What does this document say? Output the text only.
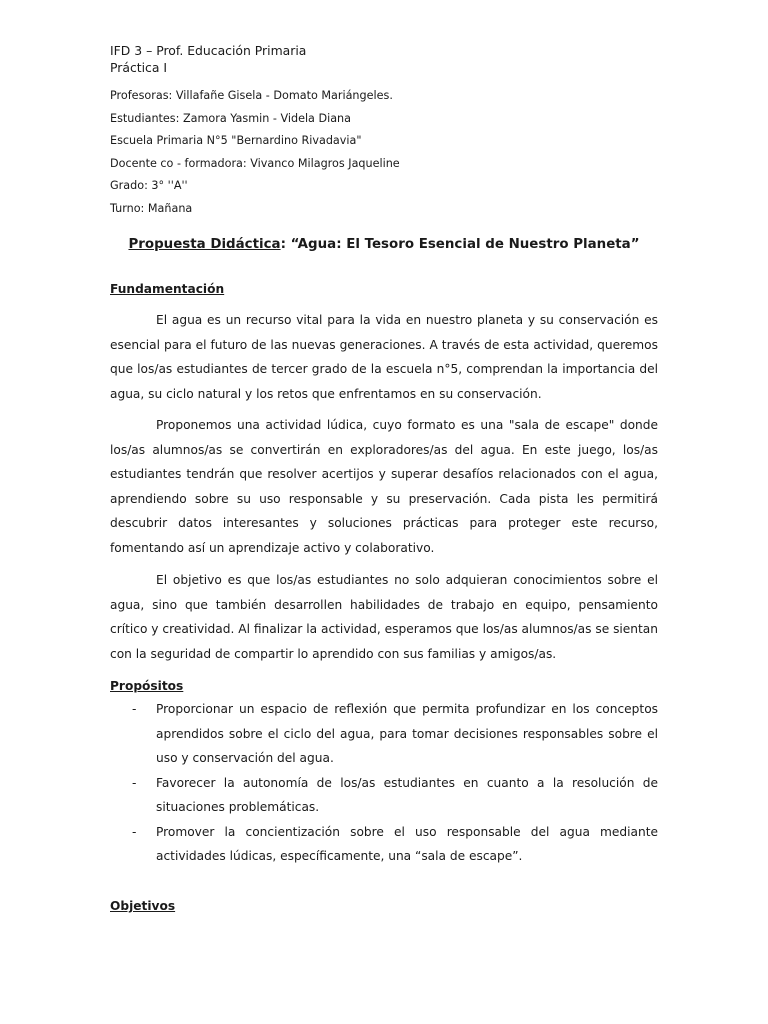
IFD 3 – Prof. Educación Primaria
Práctica I
Profesoras: Villafañe Gisela - Domato Mariángeles.
Estudiantes: Zamora Yasmin - Videla Diana
Escuela Primaria N°5 "Bernardino Rivadavia"
Docente co - formadora: Vivanco Milagros Jaqueline
Grado: 3° ''A''
Turno: Mañana
Propuesta Didáctica: “Agua: El Tesoro Esencial de Nuestro Planeta”
Fundamentación

El agua es un recurso vital para la vida en nuestro planeta y su conservación es esencial para el futuro de las nuevas generaciones. A través de esta actividad, queremos que los/as estudiantes de tercer grado de la escuela n°5, comprendan la importancia del agua, su ciclo natural y los retos que enfrentamos en su conservación.

Proponemos una actividad lúdica, cuyo formato es una "sala de escape" donde los/as alumnos/as se convertirán en exploradores/as del agua. En este juego, los/as estudiantes tendrán que resolver acertijos y superar desafíos relacionados con el agua, aprendiendo sobre su uso responsable y su preservación. Cada pista les permitirá descubrir datos interesantes y soluciones prácticas para proteger este recurso, fomentando así un aprendizaje activo y colaborativo.

El objetivo es que los/as estudiantes no solo adquieran conocimientos sobre el agua, sino que también desarrollen habilidades de trabajo en equipo, pensamiento crítico y creatividad. Al finalizar la actividad, esperamos que los/as alumnos/as se sientan con la seguridad de compartir lo aprendido con sus familias y amigos/as.

Propósitos
- Proporcionar un espacio de reflexión que permita profundizar en los conceptos aprendidos sobre el ciclo del agua, para tomar decisiones responsables sobre el uso y conservación del agua.
- Favorecer la autonomía de los/as estudiantes en cuanto a la resolución de situaciones problemáticas.
- Promover la concientización sobre el uso responsable del agua mediante actividades lúdicas, específicamente, una “sala de escape”.
Objetivos
